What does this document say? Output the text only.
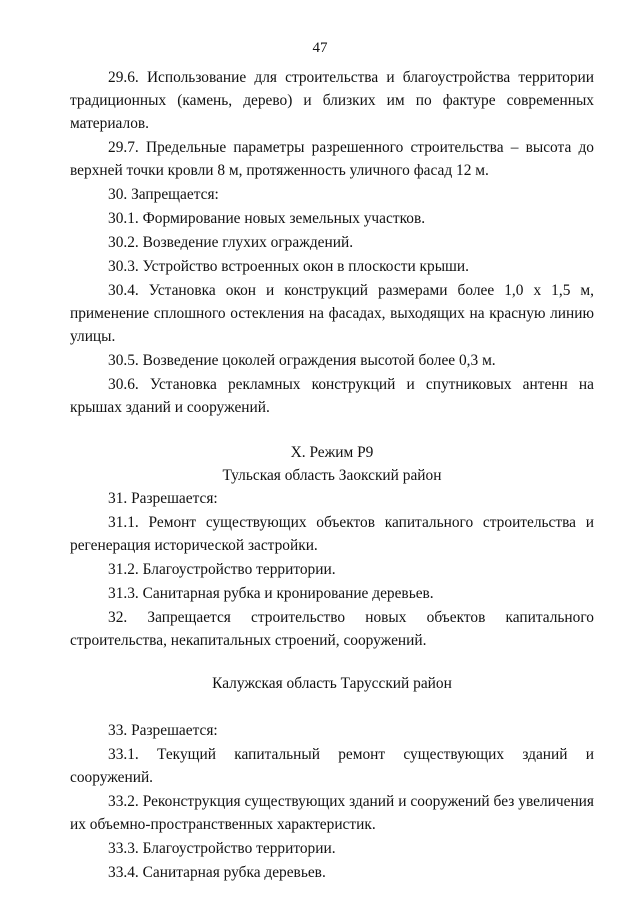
47

29.6. Использование для строительства и благоустройства территории традиционных (камень, дерево) и близких им по фактуре современных материалов.

29.7. Предельные параметры разрешенного строительства – высота до верхней точки кровли 8 м, протяженность уличного фасад 12 м.

30. Запрещается:

30.1. Формирование новых земельных участков.

30.2. Возведение глухих ограждений.

30.3. Устройство встроенных окон в плоскости крыши.

30.4. Установка окон и конструкций размерами более 1,0 х 1,5 м, применение сплошного остекления на фасадах, выходящих на красную линию улицы.

30.5. Возведение цоколей ограждения высотой более 0,3 м.

30.6. Установка рекламных конструкций и спутниковых антенн на крышах зданий и сооружений.

X. Режим Р9

Тульская область Заокский район

31. Разрешается:

31.1. Ремонт существующих объектов капитального строительства и регенерация исторической застройки.

31.2. Благоустройство территории.

31.3. Санитарная рубка и кронирование деревьев.

32. Запрещается строительство новых объектов капитального строительства, некапитальных строений, сооружений.

Калужская область Тарусский район

33. Разрешается:

33.1. Текущий капитальный ремонт существующих зданий и сооружений.

33.2. Реконструкция существующих зданий и сооружений без увеличения их объемно-пространственных характеристик.

33.3. Благоустройство территории.

33.4. Санитарная рубка деревьев.
